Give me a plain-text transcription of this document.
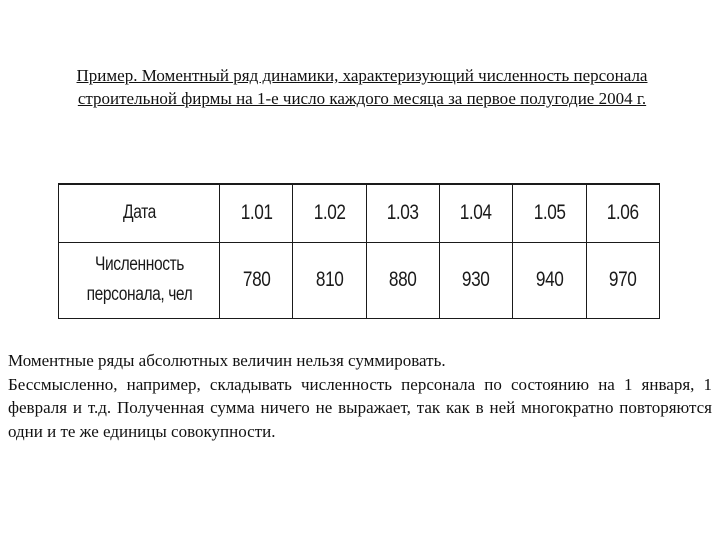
Пример. Моментный ряд динамики, характеризующий численность персонала
строительной фирмы на 1-е число каждого месяца за первое полугодие 2004 г.
Дата	1.01	1.02	1.03	1.04	1.05	1.06

Численность
персонала, чел	780	810	880	930	940	970

Моментные ряды абсолютных величин нельзя суммировать.

Бессмысленно, например, складывать численность персонала по состоянию на 1 января, 1 февраля и т.д. Полученная сумма ничего не выражает, так как в ней многократно повторяются одни и те же единицы совокупности.
